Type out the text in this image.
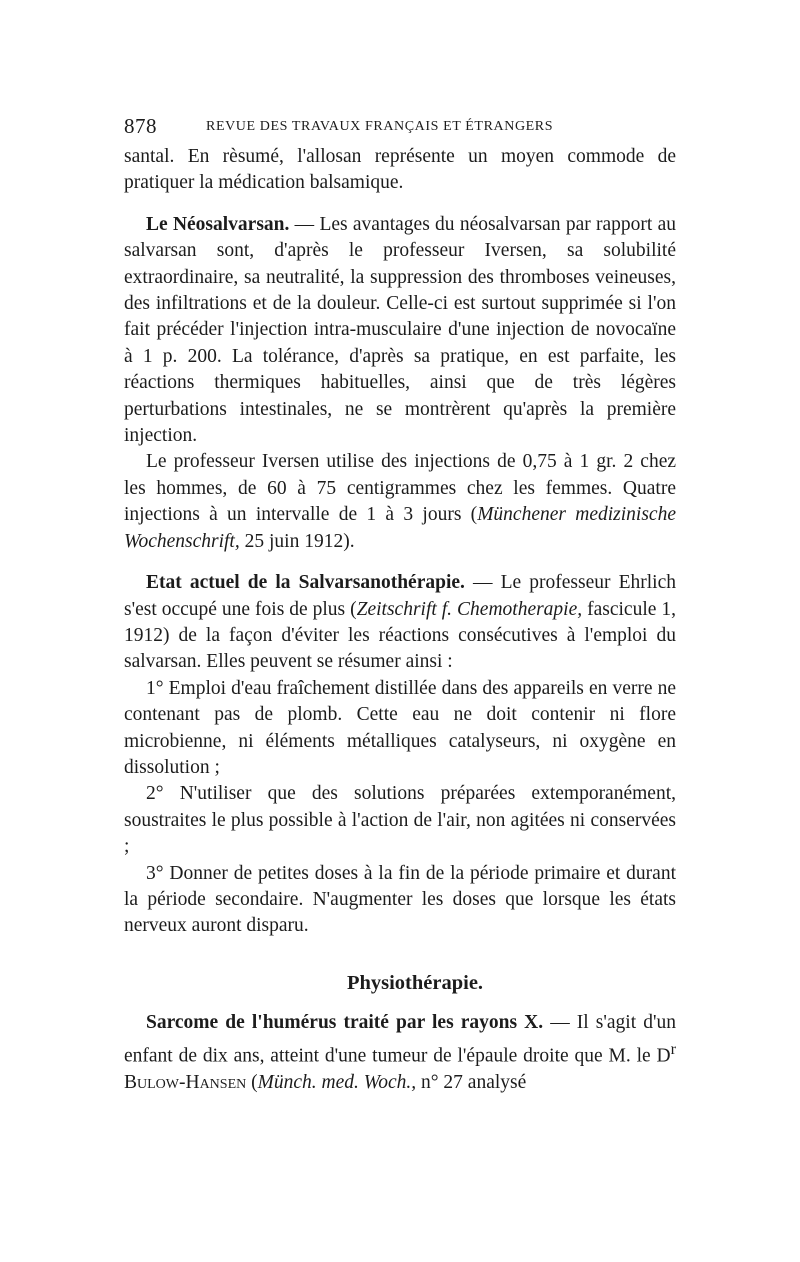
878	REVUE DES TRAVAUX FRANÇAIS ET ÉTRANGERS

santal. En rèsumé, l'allosan représente un moyen commode de pratiquer la médication balsamique.

Le Néosalvarsan. — Les avantages du néosalvarsan par rapport au salvarsan sont, d'après le professeur Iversen, sa solubilité extraordinaire, sa neutralité, la suppression des thromboses veineuses, des infiltrations et de la douleur. Celle-ci est surtout supprimée si l'on fait précéder l'injection intra-musculaire d'une injection de novocaïne à 1 p. 200. La tolérance, d'après sa pratique, en est parfaite, les réactions thermiques habituelles, ainsi que de très légères perturbations intestinales, ne se montrèrent qu'après la première injection.

Le professeur Iversen utilise des injections de 0,75 à 1 gr. 2 chez les hommes, de 60 à 75 centigrammes chez les femmes. Quatre injections à un intervalle de 1 à 3 jours (Münchener medizinische Wochenschrift, 25 juin 1912).

Etat actuel de la Salvarsanothérapie. — Le professeur Ehrlich s'est occupé une fois de plus (Zeitschrift f. Chemotherapie, fascicule 1, 1912) de la façon d'éviter les réactions consécutives à l'emploi du salvarsan. Elles peuvent se résumer ainsi :

1° Emploi d'eau fraîchement distillée dans des appareils en verre ne contenant pas de plomb. Cette eau ne doit contenir ni flore microbienne, ni éléments métalliques catalyseurs, ni oxygène en dissolution ;

2° N'utiliser que des solutions préparées extemporanément, soustraites le plus possible à l'action de l'air, non agitées ni conservées ;

3° Donner de petites doses à la fin de la période primaire et durant la période secondaire. N'augmenter les doses que lorsque les états nerveux auront disparu.

Physiothérapie.

Sarcome de l'humérus traité par les rayons X. — Il s'agit d'un enfant de dix ans, atteint d'une tumeur de l'épaule droite que M. le $D^r$ Bulow-Hansen (Münch. med. Woch., n° 27 analysé
